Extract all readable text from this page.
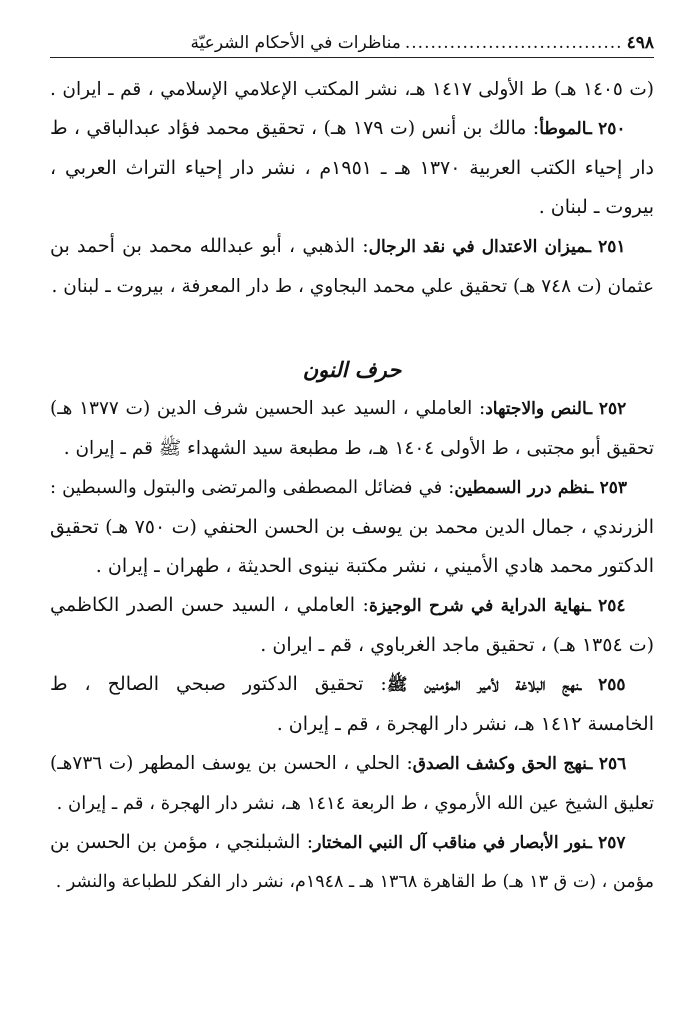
٤٩٨
..................................
مناظرات في الأحكام الشرعيّة

(ت ١٤٠٥ هـ) ط الأولى ١٤١٧ هـ، نشر المكتب الإعلامي الإسلامي ، قم ـ ايران .

  ٢٥٠ ـالموطأ: مالك بن أنس (ت ١٧٩ هـ) ، تحقيق محمد فؤاد عبدالباقي ، ط

دار إحياء الكتب العربية ١٣٧٠ هـ ـ ١٩٥١م ، نشر دار إحياء التراث العربي ،

بيروت ـ لبنان .

  ٢٥١ ـميزان الاعتدال في نقد الرجال: الذهبي ، أبو عبدالله محمد بن أحمد بن

عثمان (ت ٧٤٨ هـ) تحقيق علي محمد البجاوي ، ط دار المعرفة ، بيروت ـ لبنان .

حرف النون

  ٢٥٢ ـالنص والاجتهاد: العاملي ، السيد عبد الحسين شرف الدين (ت ١٣٧٧ هـ)

تحقيق أبو مجتبى ، ط الأولى ١٤٠٤ هـ، ط مطبعة سيد الشهداء ﷺ قم ـ إيران .

  ٢٥٣ ـنظم درر السمطين: في فضائل المصطفى والمرتضى والبتول والسبطين :

الزرندي ، جمال الدين محمد بن يوسف بن الحسن الحنفي (ت ٧٥٠ هـ) تحقيق

الدكتور محمد هادي الأميني ، نشر مكتبة نينوى الحديثة ، طهران ـ إيران .

  ٢٥٤ ـنهاية الدراية في شرح الوجيزة: العاملي ، السيد حسن الصدر الكاظمي

(ت ١٣٥٤ هـ) ، تحقيق ماجد الغرباوي ، قم ـ ايران .

  ٢٥٥ ـنهج البلاغة لأمير المؤمنين ﷺ: تحقيق الدكتور صبحي الصالح ، ط

الخامسة ١٤١٢ هـ، نشر دار الهجرة ، قم ـ إيران .

  ٢٥٦ ـنهج الحق وكشف الصدق: الحلي ، الحسن بن يوسف المطهر (ت ٧٣٦هـ)

تعليق الشيخ عين الله الأرموي ، ط الربعة ١٤١٤ هـ، نشر دار الهجرة ، قم ـ إيران .

  ٢٥٧ ـنور الأبصار في مناقب آل النبي المختار: الشبلنجي ، مؤمن بن الحسن بن

مؤمن ، (ت ق ١٣ هـ) ط القاهرة ١٣٦٨ هـ ـ ١٩٤٨م، نشر دار الفكر للطباعة والنشر .
